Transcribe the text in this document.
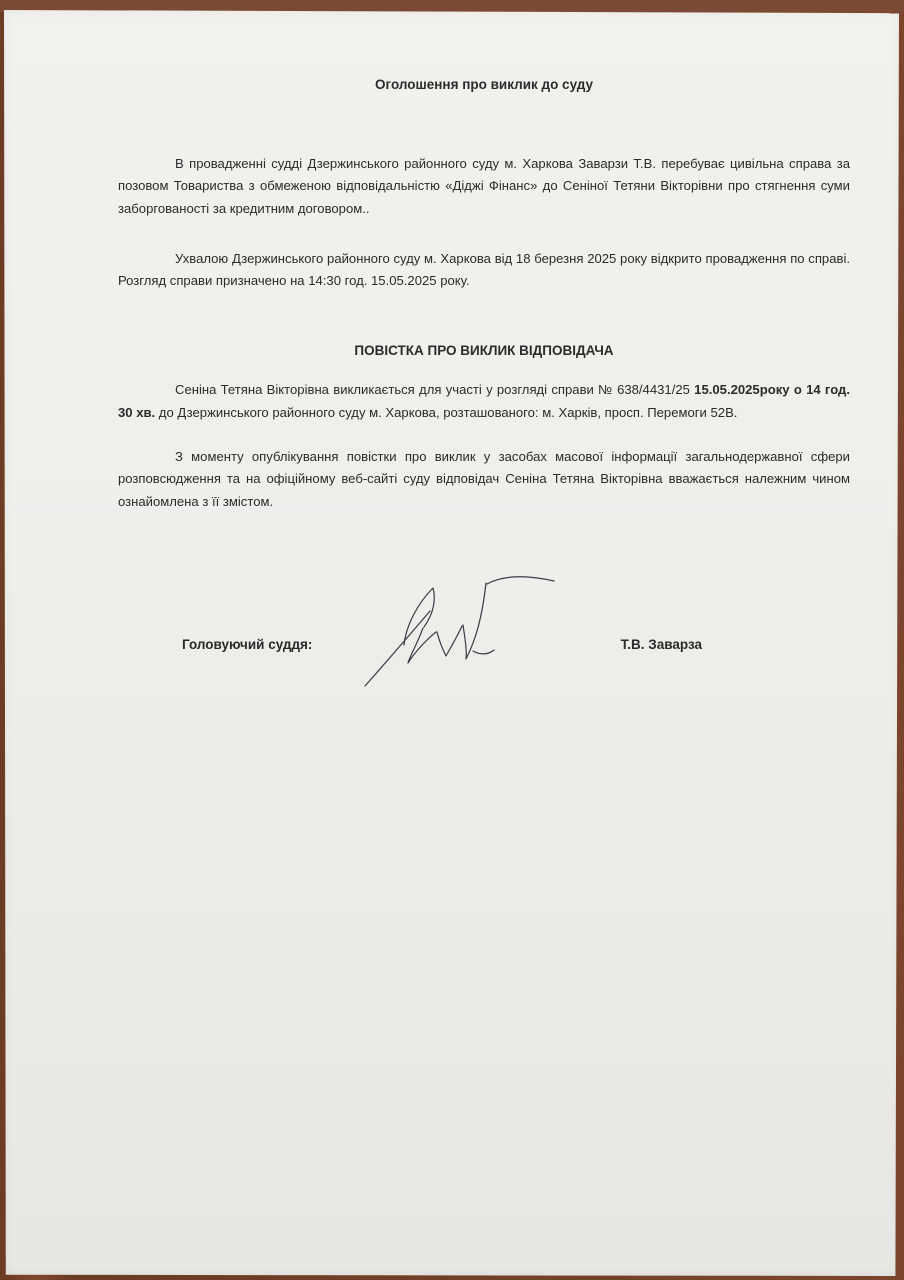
Оголошення про виклик до суду
В провадженні судді Дзержинського районного суду м. Харкова Заварзи Т.В. перебуває цивільна справа за позовом Товариства з обмеженою відповідальністю «Діджі Фінанс» до Сеніної Тетяни Вікторівни про стягнення суми заборгованості за кредитним договором..
Ухвалою Дзержинського районного суду м. Харкова від 18 березня 2025 року відкрито провадження по справі. Розгляд справи призначено на 14:30 год. 15.05.2025 року.
ПОВІСТКА ПРО ВИКЛИК ВІДПОВІДАЧА
Сеніна Тетяна Вікторівна викликається для участі у розгляді справи № 638/4431/25 15.05.2025року о 14 год. 30 хв. до Дзержинського районного суду м. Харкова, розташованого: м. Харків, просп. Перемоги 52В.
З моменту опублікування повістки про виклик у засобах масової інформації загальнодержавної сфери розповсюдження та на офіційному веб-сайті суду відповідач Сеніна Тетяна Вікторівна вважається належним чином ознайомлена з її змістом.
Головуючий суддя:	Т.В. Заварза
